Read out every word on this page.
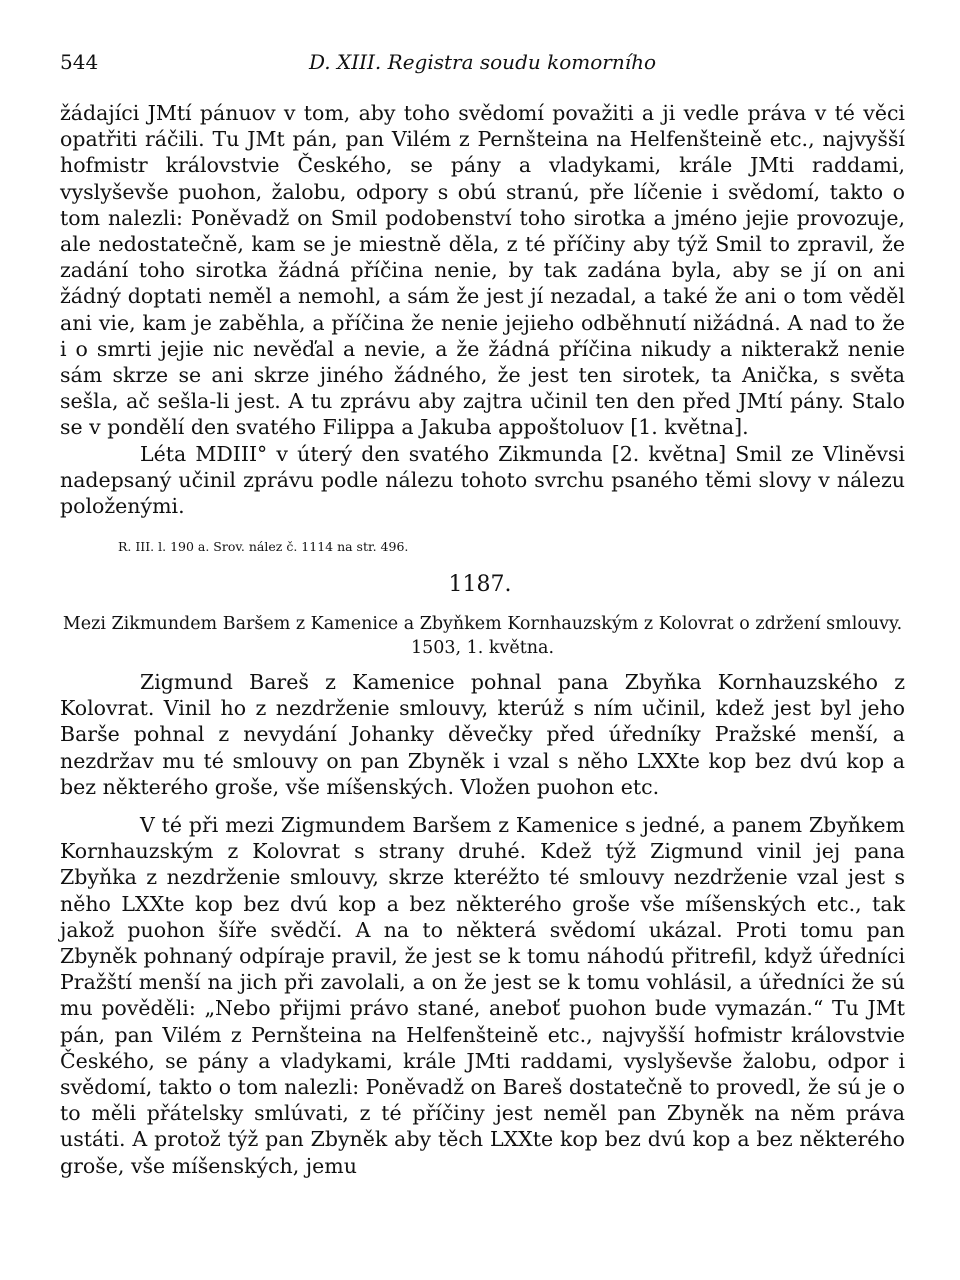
544	D. XIII. Registra soudu komorního

žádajíci JMtí pánuov v tom, aby toho svědomí považiti a ji vedle práva v té věci opatřiti ráčili. Tu JMt pán, pan Vilém z Pernšteina na Helfenšteině etc., najvyšší hofmistr královstvie Českého, se pány a vladykami, krále JMti raddami, vyslyševše puohon, žalobu, odpory s obú stranú, pře líčenie i svědomí, takto o tom nalezli: Poněvadž on Smil podobenství toho sirotka a jméno jejie provozuje, ale nedostatečně, kam se je miestně děla, z té příčiny aby týž Smil to zpravil, že zadání toho sirotka žádná příčina nenie, by tak zadána byla, aby se jí on ani žádný doptati neměl a nemohl, a sám že jest jí nezadal, a také že ani o tom věděl ani vie, kam je zaběhla, a příčina že nenie jejieho odběhnutí nižádná. A nad to že i o smrti jejie nic nevěďal a nevie, a že žádná příčina nikudy a nikterakž nenie sám skrze se ani skrze jiného žádného, že jest ten sirotek, ta Anička, s světa sešla, ač sešla-li jest. A tu zprávu aby zajtra učinil ten den před JMtí pány. Stalo se v pondělí den svatého Filippa a Jakuba appoštoluov [1. května].

Léta MDIII° v úterý den svatého Zikmunda [2. května] Smil ze Vliněvsi nadepsaný učinil zprávu podle nálezu tohoto svrchu psaného těmi slovy v nálezu položenými.

R. III. l. 190 a. Srov. nález č. 1114 na str. 496.
1187.
Mezi Zikmundem Baršem z Kamenice a Zbyňkem Kornhauzským z Kolovrat o zdržení smlouvy.
1503, 1. května.

Zigmund Bareš z Kamenice pohnal pana Zbyňka Kornhauzského z Kolovrat. Vinil ho z nezdrženie smlouvy, kterúž s ním učinil, kdež jest byl jeho Barše pohnal z nevydání Johanky děvečky před úředníky Pražské menší, a nezdržav mu té smlouvy on pan Zbyněk i vzal s něho LXXte kop bez dvú kop a bez některého groše, vše míšenských. Vložen puohon etc.

V té při mezi Zigmundem Baršem z Kamenice s jedné, a panem Zbyňkem Kornhauzským z Kolovrat s strany druhé. Kdež týž Zigmund vinil jej pana Zbyňka z nezdrženie smlouvy, skrze kteréžto té smlouvy nezdrženie vzal jest s něho LXXte kop bez dvú kop a bez některého groše vše míšenských etc., tak jakož puohon šíře svědčí. A na to některá svědomí ukázal. Proti tomu pan Zbyněk pohnaný odpíraje pravil, že jest se k tomu náhodú přitrefil, když úředníci Pražští menší na jich při zavolali, a on že jest se k tomu vohlásil, a úředníci že sú mu pověděli: „Nebo přijmi právo stané, aneboť puohon bude vymazán.“ Tu JMt pán, pan Vilém z Pernšteina na Helfenšteině etc., najvyšší hofmistr královstvie Českého, se pány a vladykami, krále JMti raddami, vyslyševše žalobu, odpor i svědomí, takto o tom nalezli: Poněvadž on Bareš dostatečně to provedl, že sú je o to měli přátelsky smlúvati, z té příčiny jest neměl pan Zbyněk na něm práva ustáti. A protož týž pan Zbyněk aby těch LXXte kop bez dvú kop a bez některého groše, vše míšenských, jemu
